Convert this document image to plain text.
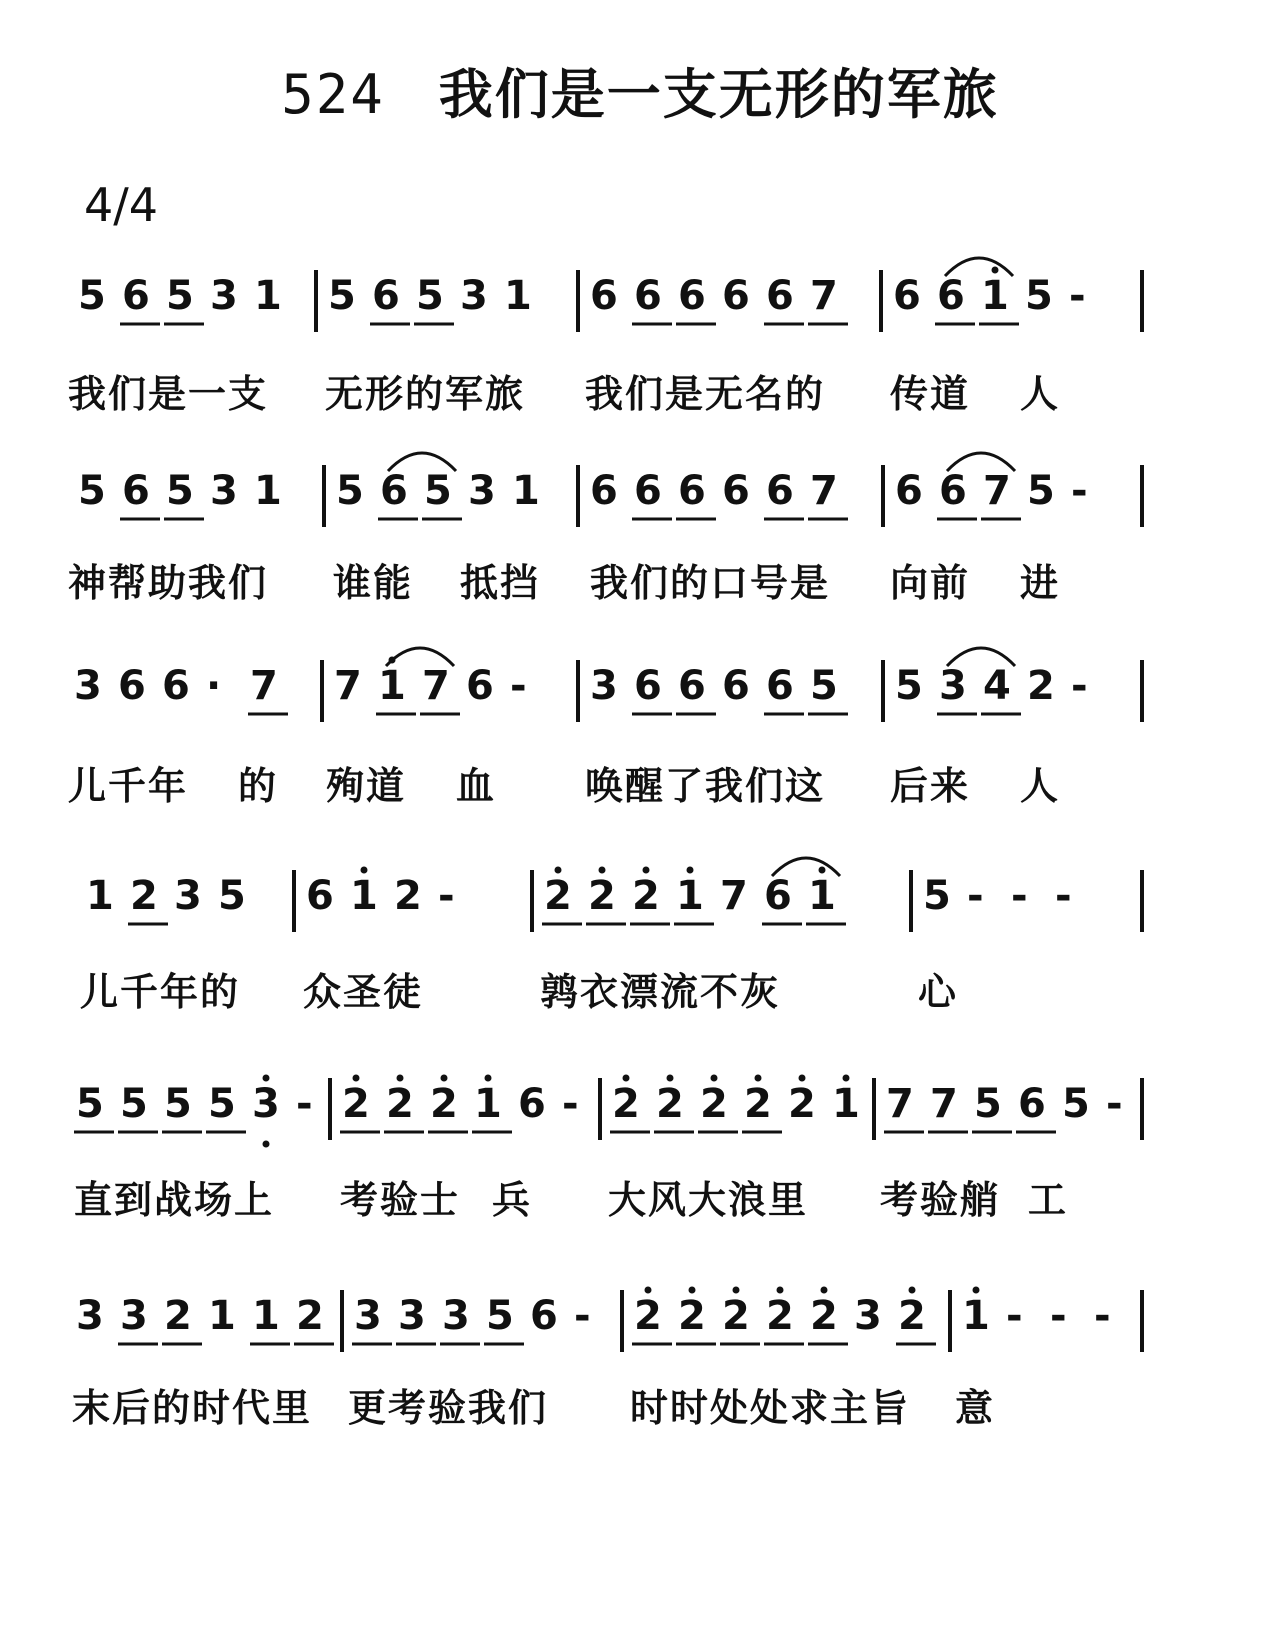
524 我们是一支无形的军旅
4/4
5 6 5 3 1 5 6 5 3 1 6 6 6 6 6 7 6 6 1 5 -
我们是一支 无形的军旅 我们是无名的 传道 人
5 6 5 3 1 5 6 5 3 1 6 6 6 6 6 7 6 6 7 5 -
神帮助我们 谁能 抵挡 我们的口号是 向前 进
3 6 6 · 7 7 1 7 6 - 3 6 6 6 6 5 5 3 4 2 -
儿千年 的 殉道 血 唤醒了我们这 后来 人
1 2 3 5 6 1 2 - 2 2 2 1 7 6 1 5 - - -
儿千年的 众圣徒	鹑衣漂流不灰	心
5 5 5 5 3 - 2 2 2 1 6 - 2 2 2 2 2 1 7 7 5 6 5 -
直到战场上 考验士 兵 大风大浪里 考验艄 工
3 3 2 1 1 2 3 3 3 5 6 - 2 2 2 2 2 3 2 1 - - -
末后的时代里 更考验我们 时时处处求主旨 意
